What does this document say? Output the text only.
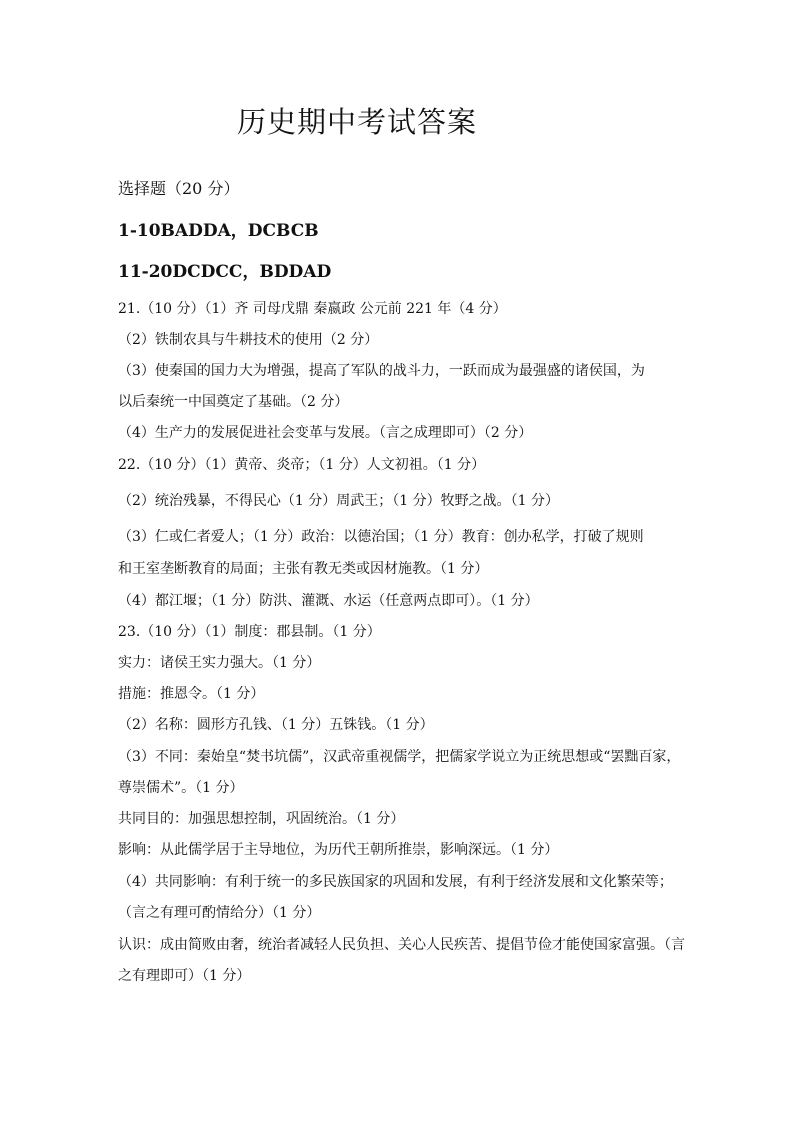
历史期中考试答案
选择题（20 分）
1-10BADDA，DCBCB
11-20DCDCC，BDDAD
21.（10 分）（1）齐 司母戊鼎 秦嬴政 公元前 221 年（4 分）
（2）铁制农具与牛耕技术的使用（2 分）
（3）使秦国的国力大为增强，提高了军队的战斗力，一跃而成为最强盛的诸侯国，为
以后秦统一中国奠定了基础。（2 分）
（4）生产力的发展促进社会变革与发展。（言之成理即可）（2 分）
22.（10 分）（1）黄帝、炎帝；（1 分）人文初祖。（1 分）
（2）统治残暴，不得民心（1 分）周武王；（1 分）牧野之战。（1 分）
（3）仁或仁者爱人；（1 分）政治：以德治国；（1 分）教育：创办私学，打破了规则
和王室垄断教育的局面；主张有教无类或因材施教。（1 分）
（4）都江堰；（1 分）防洪、灌溉、水运（任意两点即可）。（1 分）
23.（10 分）（1）制度：郡县制。（1 分）
实力：诸侯王实力强大。（1 分）
措施：推恩令。（1 分）
（2）名称：圆形方孔钱、（1 分）五铢钱。（1 分）
（3）不同：秦始皇“焚书坑儒”，汉武帝重视儒学，把儒家学说立为正统思想或“罢黜百家，
尊崇儒术”。（1 分）
共同目的：加强思想控制，巩固统治。（1 分）
影响：从此儒学居于主导地位，为历代王朝所推崇，影响深远。（1 分）
（4）共同影响：有利于统一的多民族国家的巩固和发展，有利于经济发展和文化繁荣等；
（言之有理可酌情给分）（1 分）
认识：成由简败由奢，统治者减轻人民负担、关心人民疾苦、提倡节俭才能使国家富强。（言
之有理即可）（1 分）
